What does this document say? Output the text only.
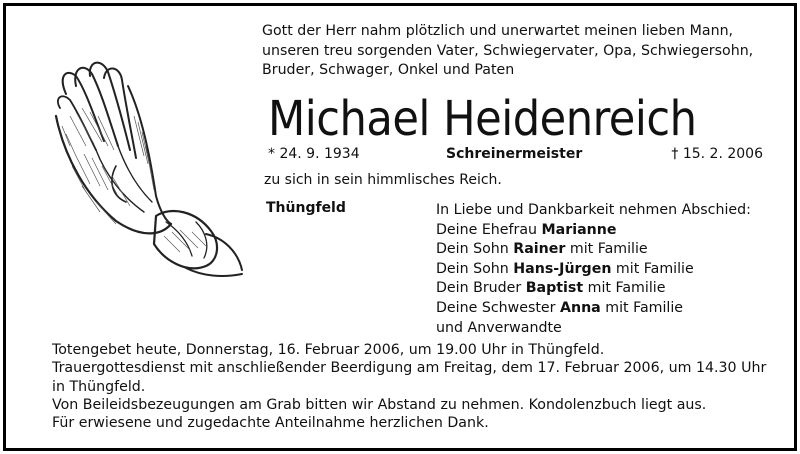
Gott der Herr nahm plötzlich und unerwartet meinen lieben Mann,
unseren treu sorgenden Vater, Schwiegervater, Opa, Schwiegersohn,
Bruder, Schwager, Onkel und Paten
Michael Heidenreich
* 24. 9. 1934	Schreinermeister	† 15. 2. 2006
zu sich in sein himmlisches Reich.
Thüngfeld	In Liebe und Dankbarkeit nehmen Abschied:
Deine Ehefrau Marianne
Dein Sohn Rainer mit Familie
Dein Sohn Hans-Jürgen mit Familie
Dein Bruder Baptist mit Familie
Deine Schwester Anna mit Familie
und Anverwandte
Totengebet heute, Donnerstag, 16. Februar 2006, um 19.00 Uhr in Thüngfeld.
Trauergottesdienst mit anschließender Beerdigung am Freitag, dem 17. Februar 2006, um 14.30 Uhr
in Thüngfeld.
Von Beileidsbezeugungen am Grab bitten wir Abstand zu nehmen. Kondolenzbuch liegt aus.
Für erwiesene und zugedachte Anteilnahme herzlichen Dank.
